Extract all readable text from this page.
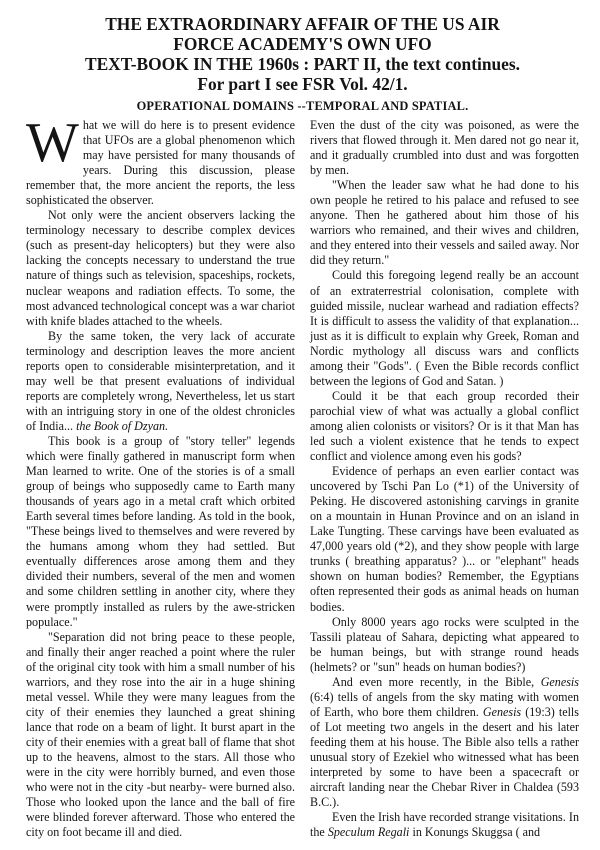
THE EXTRAORDINARY AFFAIR OF THE US AIR
FORCE ACADEMY'S OWN UFO
TEXT-BOOK IN THE 1960s : PART II, the text continues.
For part I see FSR Vol. 42/1.
OPERATIONAL DOMAINS --TEMPORAL AND SPATIAL.

What we will do here is to present evidence that UFOs are a global phenomenon which may have persisted for many thousands of years. During this discussion, please remember that, the more ancient the reports, the less sophisticated the observer.

Not only were the ancient observers lacking the terminology necessary to describe complex devices (such as present-day helicopters) but they were also lacking the concepts necessary to understand the true nature of things such as television, spaceships, rockets, nuclear weapons and radiation effects. To some, the most advanced technological concept was a war chariot with knife blades attached to the wheels.

By the same token, the very lack of accurate terminology and description leaves the more ancient reports open to considerable misinterpretation, and it may well be that present evaluations of individual reports are completely wrong, Nevertheless, let us start with an intriguing story in one of the oldest chronicles of India... the Book of Dzyan.

This book is a group of "story teller" legends which were finally gathered in manuscript form when Man learned to write. One of the stories is of a small group of beings who supposedly came to Earth many thousands of years ago in a metal craft which orbited Earth several times before landing. As told in the book, "These beings lived to themselves and were revered by the humans among whom they had settled. But eventually differences arose among them and they divided their numbers, several of the men and women and some children settling in another city, where they were promptly installed as rulers by the awe-stricken populace."

"Separation did not bring peace to these people, and finally their anger reached a point where the ruler of the original city took with him a small number of his warriors, and they rose into the air in a huge shining metal vessel. While they were many leagues from the city of their enemies they launched a great shining lance that rode on a beam of light. It burst apart in the city of their enemies with a great ball of flame that shot up to the heavens, almost to the stars. All those who were in the city were horribly burned, and even those who were not in the city -but nearby- were burned also. Those who looked upon the lance and the ball of fire were blinded forever afterward. Those who entered the city on foot became ill and died.

Even the dust of the city was poisoned, as were the rivers that flowed through it. Men dared not go near it, and it gradually crumbled into dust and was forgotten by men.

"When the leader saw what he had done to his own people he retired to his palace and refused to see anyone. Then he gathered about him those of his warriors who remained, and their wives and children, and they entered into their vessels and sailed away. Nor did they return."

Could this foregoing legend really be an account of an extraterrestrial colonisation, complete with guided missile, nuclear warhead and radiation effects? It is difficult to assess the validity of that explanation... just as it is difficult to explain why Greek, Roman and Nordic mythology all discuss wars and conflicts among their "Gods". ( Even the Bible records conflict between the legions of God and Satan. )

Could it be that each group recorded their parochial view of what was actually a global conflict among alien colonists or visitors? Or is it that Man has led such a violent existence that he tends to expect conflict and violence among even his gods?

Evidence of perhaps an even earlier contact was uncovered by Tschi Pan Lo (*1) of the University of Peking. He discovered astonishing carvings in granite on a mountain in Hunan Province and on an island in Lake Tungting. These carvings have been evaluated as 47,000 years old (*2), and they show people with large trunks ( breathing apparatus? )... or "elephant" heads shown on human bodies? Remember, the Egyptians often represented their gods as animal heads on human bodies.

Only 8000 years ago rocks were sculpted in the Tassili plateau of Sahara, depicting what appeared to be human beings, but with strange round heads (helmets? or "sun" heads on human bodies?)

And even more recently, in the Bible, Genesis (6:4) tells of angels from the sky mating with women of Earth, who bore them children. Genesis (19:3) tells of Lot meeting two angels in the desert and his later feeding them at his house. The Bible also tells a rather unusual story of Ezekiel who witnessed what has been interpreted by some to have been a spacecraft or aircraft landing near the Chebar River in Chaldea (593 B.C.).

Even the Irish have recorded strange visitations. In the Speculum Regali in Konungs Skuggsa ( and
